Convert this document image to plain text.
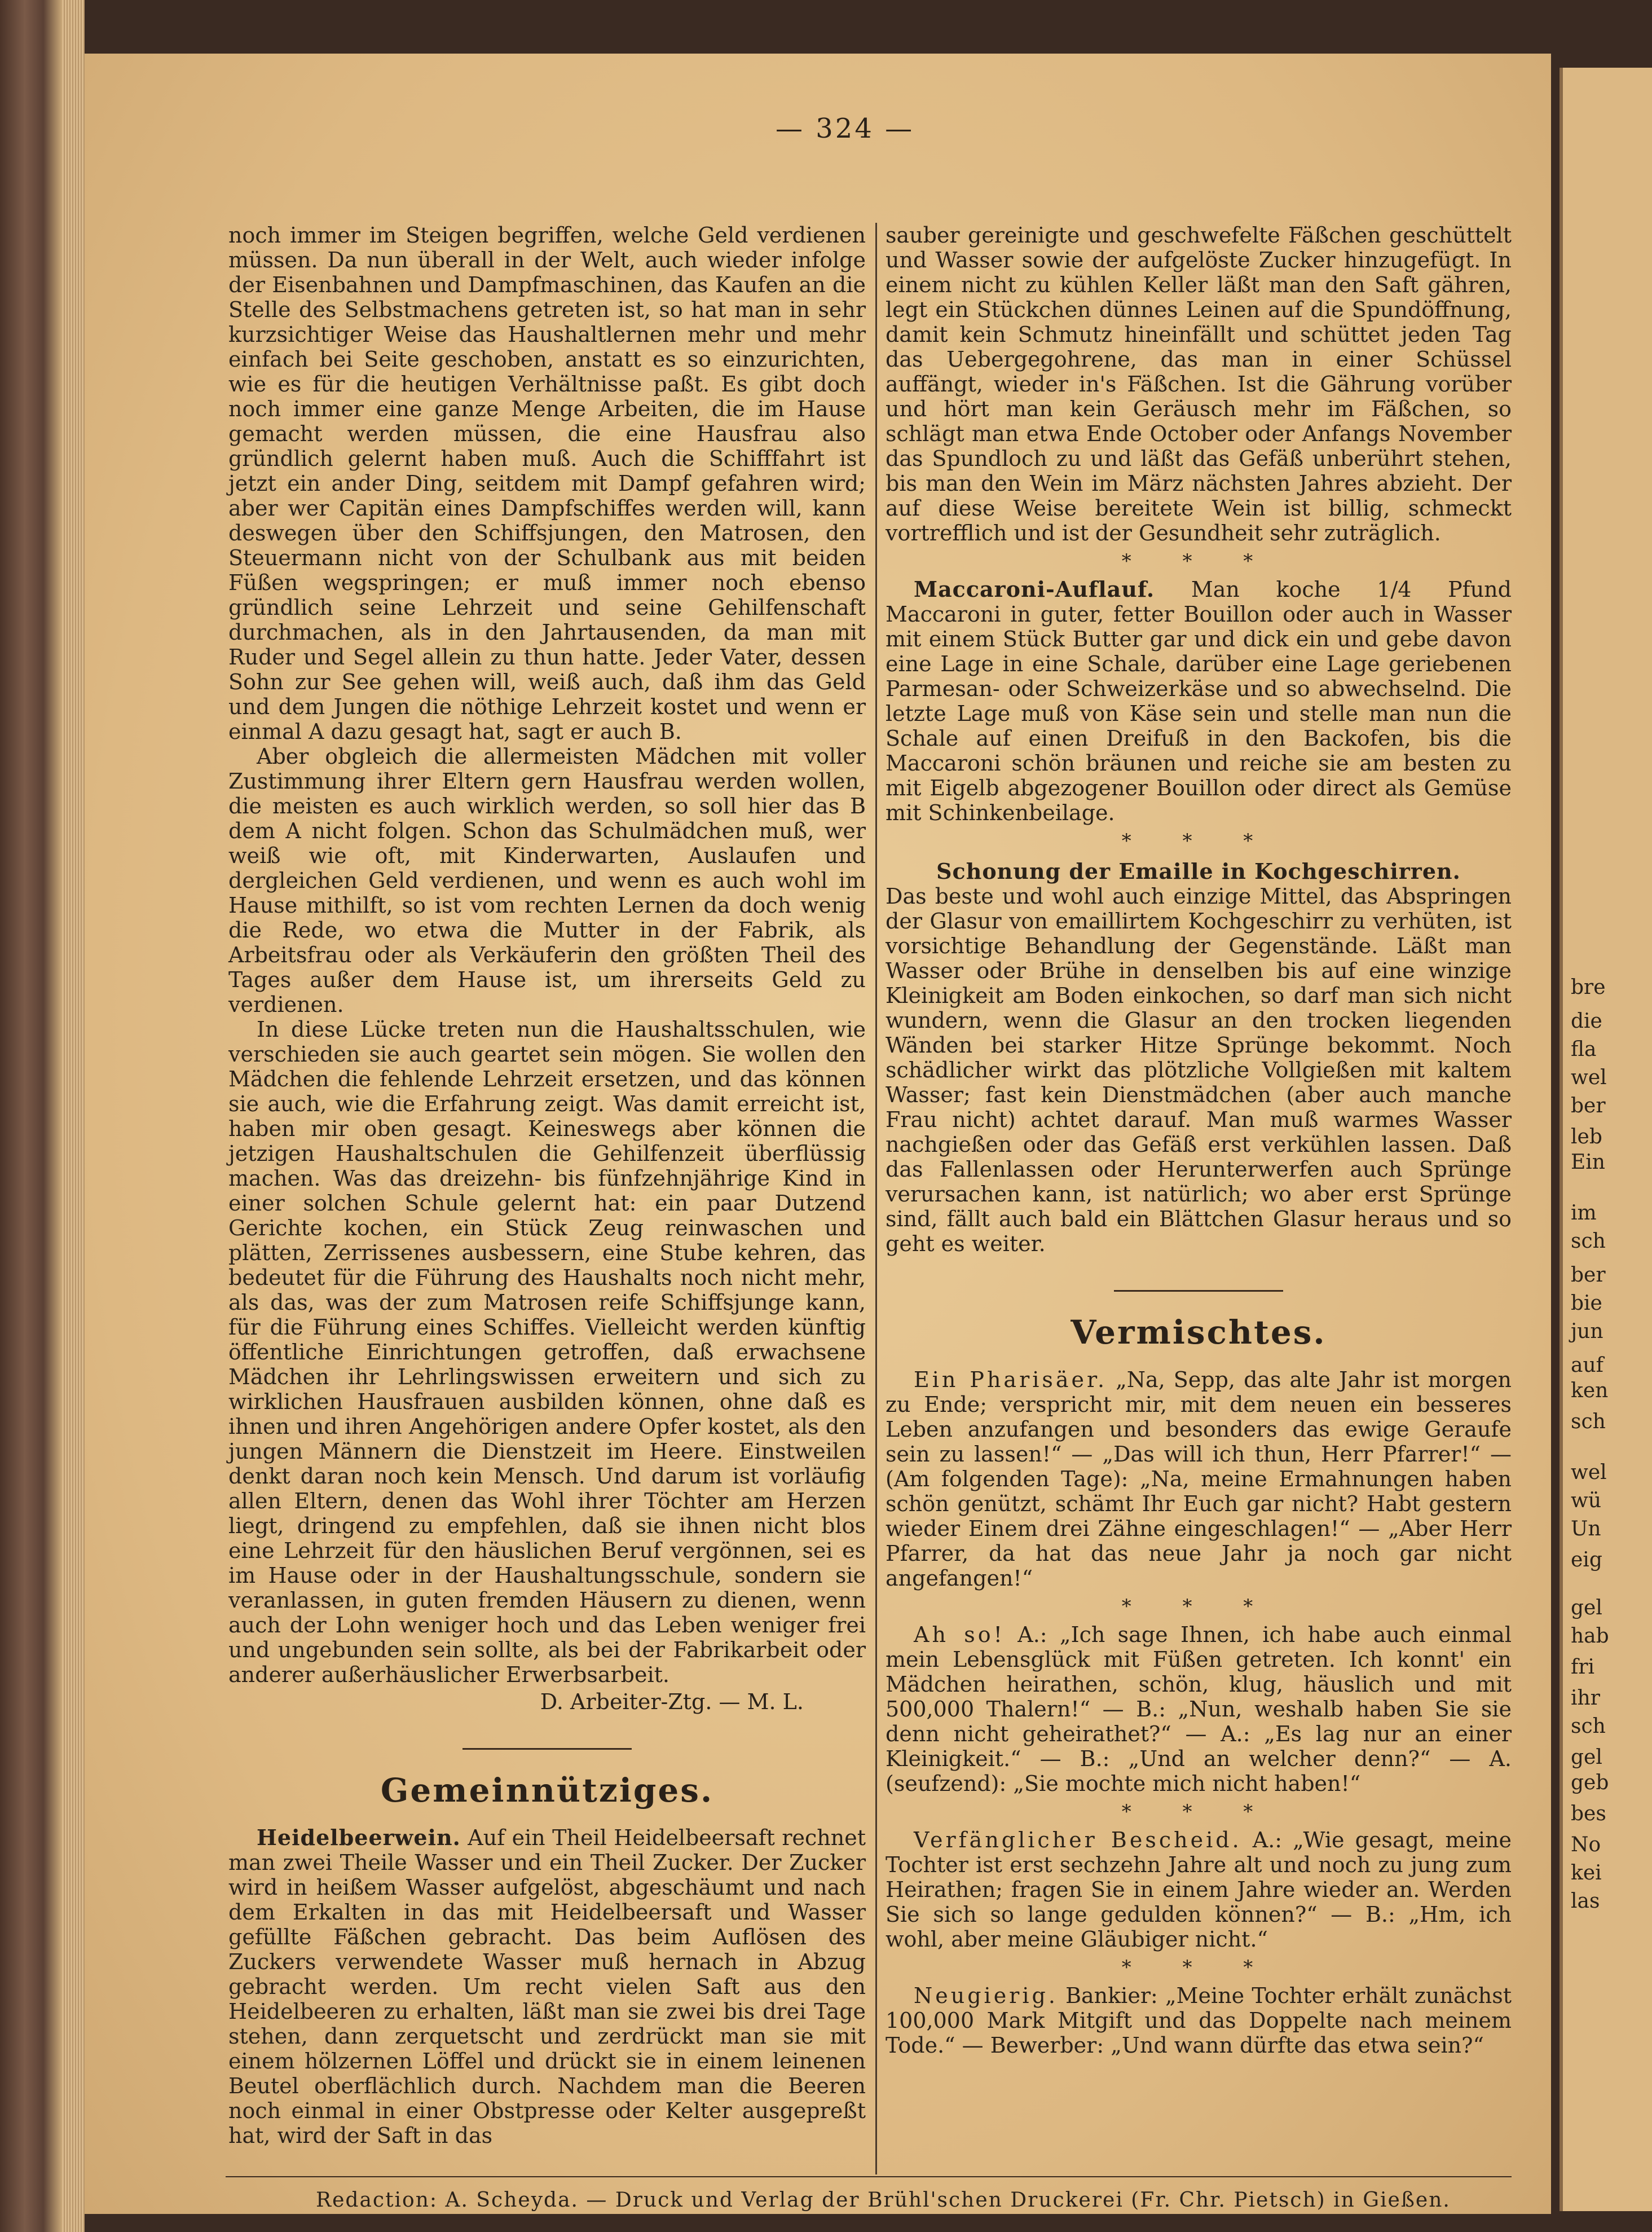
bre
die
fla
wel
ber
leb
Ein
im
sch
ber
bie
jun
auf
ken
sch
wel
wü
Un
eig
gel
hab
fri
ihr
sch
gel
geb
bes
No
kei
las
— 324 —

noch immer im Steigen begriffen, welche Geld verdienen müssen. Da nun überall in der Welt, auch wieder infolge der Eisenbahnen und Dampfmaschinen, das Kaufen an die Stelle des Selbstmachens getreten ist, so hat man in sehr kurzsichtiger Weise das Haushaltlernen mehr und mehr einfach bei Seite geschoben, anstatt es so einzurichten, wie es für die heutigen Verhältnisse paßt. Es gibt doch noch immer eine ganze Menge Arbeiten, die im Hause gemacht werden müssen, die eine Hausfrau also gründlich gelernt haben muß. Auch die Schifffahrt ist jetzt ein ander Ding, seitdem mit Dampf gefahren wird; aber wer Capitän eines Dampfschiffes werden will, kann deswegen über den Schiffsjungen, den Matrosen, den Steuermann nicht von der Schulbank aus mit beiden Füßen wegspringen; er muß immer noch ebenso gründlich seine Lehrzeit und seine Gehilfenschaft durchmachen, als in den Jahrtausenden, da man mit Ruder und Segel allein zu thun hatte. Jeder Vater, dessen Sohn zur See gehen will, weiß auch, daß ihm das Geld und dem Jungen die nöthige Lehrzeit kostet und wenn er einmal A dazu gesagt hat, sagt er auch B.

Aber obgleich die allermeisten Mädchen mit voller Zustimmung ihrer Eltern gern Hausfrau werden wollen, die meisten es auch wirklich werden, so soll hier das B dem A nicht folgen. Schon das Schulmädchen muß, wer weiß wie oft, mit Kinderwarten, Auslaufen und dergleichen Geld verdienen, und wenn es auch wohl im Hause mithilft, so ist vom rechten Lernen da doch wenig die Rede, wo etwa die Mutter in der Fabrik, als Arbeitsfrau oder als Verkäuferin den größten Theil des Tages außer dem Hause ist, um ihrerseits Geld zu verdienen.

In diese Lücke treten nun die Haushaltsschulen, wie verschieden sie auch geartet sein mögen. Sie wollen den Mädchen die fehlende Lehrzeit ersetzen, und das können sie auch, wie die Erfahrung zeigt. Was damit erreicht ist, haben mir oben gesagt. Keineswegs aber können die jetzigen Haushaltschulen die Gehilfenzeit überflüssig machen. Was das dreizehn- bis fünfzehnjährige Kind in einer solchen Schule gelernt hat: ein paar Dutzend Gerichte kochen, ein Stück Zeug reinwaschen und plätten, Zerrissenes ausbessern, eine Stube kehren, das bedeutet für die Führung des Haushalts noch nicht mehr, als das, was der zum Matrosen reife Schiffsjunge kann, für die Führung eines Schiffes. Vielleicht werden künftig öffentliche Einrichtungen getroffen, daß erwachsene Mädchen ihr Lehrlingswissen erweitern und sich zu wirklichen Hausfrauen ausbilden können, ohne daß es ihnen und ihren Angehörigen andere Opfer kostet, als den jungen Männern die Dienstzeit im Heere. Einstweilen denkt daran noch kein Mensch. Und darum ist vorläufig allen Eltern, denen das Wohl ihrer Töchter am Herzen liegt, dringend zu empfehlen, daß sie ihnen nicht blos eine Lehrzeit für den häuslichen Beruf vergönnen, sei es im Hause oder in der Haushaltungsschule, sondern sie veranlassen, in guten fremden Häusern zu dienen, wenn auch der Lohn weniger hoch und das Leben weniger frei und ungebunden sein sollte, als bei der Fabrikarbeit oder anderer außerhäuslicher Erwerbsarbeit.

D. Arbeiter-Ztg. — M. L.

Gemeinnütziges.

Heidelbeerwein. Auf ein Theil Heidelbeersaft rechnet man zwei Theile Wasser und ein Theil Zucker. Der Zucker wird in heißem Wasser aufgelöst, abgeschäumt und nach dem Erkalten in das mit Heidelbeersaft und Wasser gefüllte Fäßchen gebracht. Das beim Auflösen des Zuckers verwendete Wasser muß hernach in Abzug gebracht werden. Um recht vielen Saft aus den Heidelbeeren zu erhalten, läßt man sie zwei bis drei Tage stehen, dann zerquetscht und zerdrückt man sie mit einem hölzernen Löffel und drückt sie in einem leinenen Beutel oberflächlich durch. Nachdem man die Beeren noch einmal in einer Obstpresse oder Kelter ausgepreßt hat, wird der Saft in das

sauber gereinigte und geschwefelte Fäßchen geschüttelt und Wasser sowie der aufgelöste Zucker hinzugefügt. In einem nicht zu kühlen Keller läßt man den Saft gähren, legt ein Stückchen dünnes Leinen auf die Spundöffnung, damit kein Schmutz hineinfällt und schüttet jeden Tag das Uebergegohrene, das man in einer Schüssel auffängt, wieder in's Fäßchen. Ist die Gährung vorüber und hört man kein Geräusch mehr im Fäßchen, so schlägt man etwa Ende October oder Anfangs November das Spundloch zu und läßt das Gefäß unberührt stehen, bis man den Wein im März nächsten Jahres abzieht. Der auf diese Weise bereitete Wein ist billig, schmeckt vortrefflich und ist der Gesundheit sehr zuträglich.

* * *

Maccaroni-Auflauf. Man koche 1/4 Pfund Maccaroni in guter, fetter Bouillon oder auch in Wasser mit einem Stück Butter gar und dick ein und gebe davon eine Lage in eine Schale, darüber eine Lage geriebenen Parmesan- oder Schweizerkäse und so abwechselnd. Die letzte Lage muß von Käse sein und stelle man nun die Schale auf einen Dreifuß in den Backofen, bis die Maccaroni schön bräunen und reiche sie am besten zu mit Eigelb abgezogener Bouillon oder direct als Gemüse mit Schinkenbeilage.

* * *

Schonung der Emaille in Kochgeschirren.

Das beste und wohl auch einzige Mittel, das Abspringen der Glasur von emaillirtem Kochgeschirr zu verhüten, ist vorsichtige Behandlung der Gegenstände. Läßt man Wasser oder Brühe in denselben bis auf eine winzige Kleinigkeit am Boden einkochen, so darf man sich nicht wundern, wenn die Glasur an den trocken liegenden Wänden bei starker Hitze Sprünge bekommt. Noch schädlicher wirkt das plötzliche Vollgießen mit kaltem Wasser; fast kein Dienstmädchen (aber auch manche Frau nicht) achtet darauf. Man muß warmes Wasser nachgießen oder das Gefäß erst verkühlen lassen. Daß das Fallenlassen oder Herunterwerfen auch Sprünge verursachen kann, ist natürlich; wo aber erst Sprünge sind, fällt auch bald ein Blättchen Glasur heraus und so geht es weiter.

Vermischtes.

Ein Pharisäer. „Na, Sepp, das alte Jahr ist morgen zu Ende; verspricht mir, mit dem neuen ein besseres Leben anzufangen und besonders das ewige Geraufe sein zu lassen!“ — „Das will ich thun, Herr Pfarrer!“ — (Am folgenden Tage): „Na, meine Ermahnungen haben schön genützt, schämt Ihr Euch gar nicht? Habt gestern wieder Einem drei Zähne eingeschlagen!“ — „Aber Herr Pfarrer, da hat das neue Jahr ja noch gar nicht angefangen!“

* * *

Ah so! A.: „Ich sage Ihnen, ich habe auch einmal mein Lebensglück mit Füßen getreten. Ich konnt' ein Mädchen heirathen, schön, klug, häuslich und mit 500,000 Thalern!“ — B.: „Nun, weshalb haben Sie sie denn nicht geheirathet?“ — A.: „Es lag nur an einer Kleinigkeit.“ — B.: „Und an welcher denn?“ — A. (seufzend): „Sie mochte mich nicht haben!“

* * *

Verfänglicher Bescheid. A.: „Wie gesagt, meine Tochter ist erst sechzehn Jahre alt und noch zu jung zum Heirathen; fragen Sie in einem Jahre wieder an. Werden Sie sich so lange gedulden können?“ — B.: „Hm, ich wohl, aber meine Gläubiger nicht.“

* * *

Neugierig. Bankier: „Meine Tochter erhält zunächst 100,000 Mark Mitgift und das Doppelte nach meinem Tode.“ — Bewerber: „Und wann dürfte das etwa sein?“

Redaction: A. Scheyda. — Druck und Verlag der Brühl'schen Druckerei (Fr. Chr. Pietsch) in Gießen.
